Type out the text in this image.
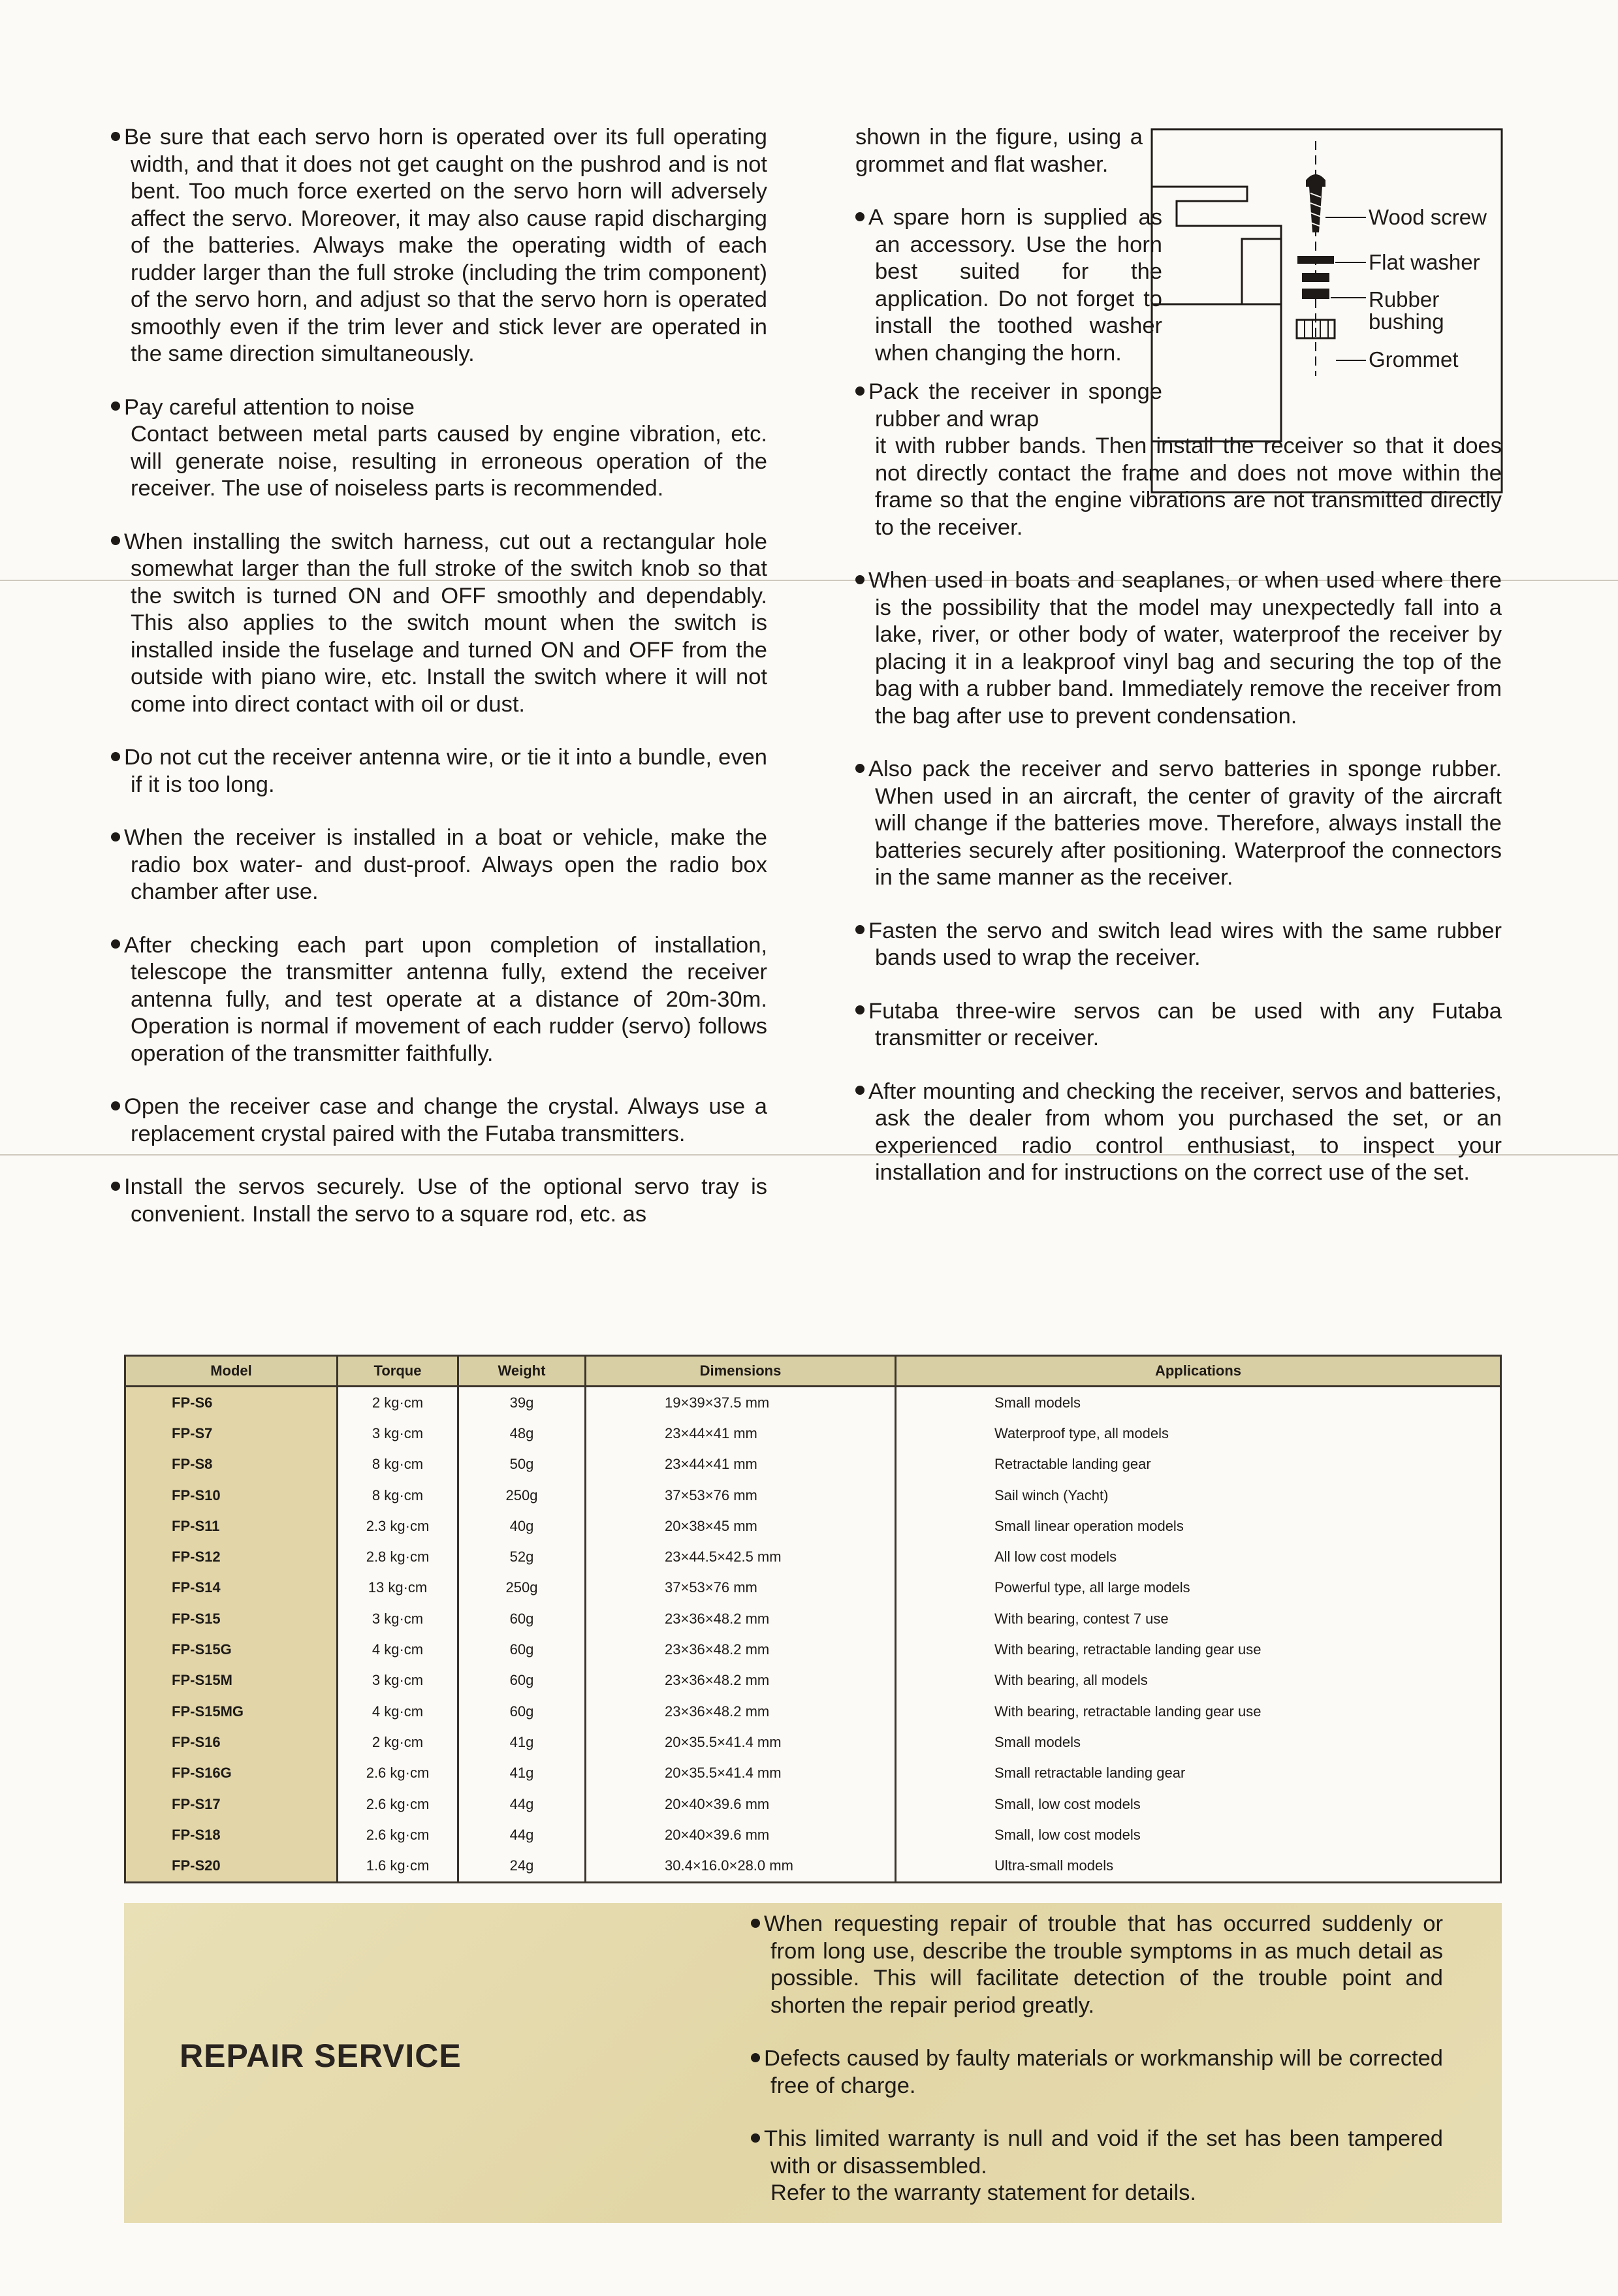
Be sure that each servo horn is operated over its full operating width, and that it does not get caught on the pushrod and is not bent. Too much force exerted on the servo horn will adversely affect the servo. Moreover, it may also cause rapid discharging of the batteries. Always make the operating width of each rudder larger than the full stroke (including the trim component) of the servo horn, and adjust so that the servo horn is operated smoothly even if the trim lever and stick lever are operated in the same direction simultaneously.

Pay careful attention to noise

Contact between metal parts caused by engine vibration, etc. will generate noise, resulting in erroneous operation of the receiver. The use of noiseless parts is recommended.

When installing the switch harness, cut out a rectangular hole somewhat larger than the full stroke of the switch knob so that the switch is turned ON and OFF smoothly and dependably. This also applies to the switch mount when the switch is installed inside the fuselage and turned ON and OFF from the outside with piano wire, etc. Install the switch where it will not come into direct contact with oil or dust.

Do not cut the receiver antenna wire, or tie it into a bundle, even if it is too long.

When the receiver is installed in a boat or vehicle, make the radio box water- and dust-proof. Always open the radio box chamber after use.

After checking each part upon completion of installation, telescope the transmitter antenna fully, extend the receiver antenna fully, and test operate at a distance of 20m-30m. Operation is normal if movement of each rudder (servo) follows operation of the transmitter faithfully.

Open the receiver case and change the crystal. Always use a replacement crystal paired with the Futaba transmitters.

Install the servos securely. Use of the optional servo tray is convenient. Install the servo to a square rod, etc. as

shown in the figure, using a grommet and flat washer.

A spare horn is supplied as an accessory. Use the horn best suited for the application. Do not forget to install the toothed washer when changing the horn.

Pack the receiver in sponge rubber and wrap

it with rubber bands. Then install the receiver so that it does not directly contact the frame and does not move within the frame so that the engine vibrations are not transmitted directly to the receiver.

When used in boats and seaplanes, or when used where there is the possibility that the model may unexpectedly fall into a lake, river, or other body of water, waterproof the receiver by placing it in a leakproof vinyl bag and securing the top of the bag with a rubber band. Immediately remove the receiver from the bag after use to prevent condensation.

Also pack the receiver and servo batteries in sponge rubber. When used in an aircraft, the center of gravity of the aircraft will change if the batteries move. Therefore, always install the batteries securely after positioning. Waterproof the connectors in the same manner as the receiver.

Fasten the servo and switch lead wires with the same rubber bands used to wrap the receiver.

Futaba three-wire servos can be used with any Futaba transmitter or receiver.

After mounting and checking the receiver, servos and batteries, ask the dealer from whom you purchased the set, or an experienced radio control enthusiast, to inspect your installation and for instructions on the correct use of the set.

Wood screw
Flat washer
Rubber
bushing
Grommet
Model	Torque	Weight	Dimensions	Applications
FP-S6	2 kg·cm	39g	19×39×37.5 mm	Small models
FP-S7	3 kg·cm	48g	23×44×41 mm	Waterproof type, all models
FP-S8	8 kg·cm	50g	23×44×41 mm	Retractable landing gear
FP-S10	8 kg·cm	250g	37×53×76 mm	Sail winch (Yacht)
FP-S11	2.3 kg·cm	40g	20×38×45 mm	Small linear operation models
FP-S12	2.8 kg·cm	52g	23×44.5×42.5 mm	All low cost models
FP-S14	13 kg·cm	250g	37×53×76 mm	Powerful type, all large models
FP-S15	3 kg·cm	60g	23×36×48.2 mm	With bearing, contest 7 use
FP-S15G	4 kg·cm	60g	23×36×48.2 mm	With bearing, retractable landing gear use
FP-S15M	3 kg·cm	60g	23×36×48.2 mm	With bearing, all models
FP-S15MG	4 kg·cm	60g	23×36×48.2 mm	With bearing, retractable landing gear use
FP-S16	2 kg·cm	41g	20×35.5×41.4 mm	Small models
FP-S16G	2.6 kg·cm	41g	20×35.5×41.4 mm	Small retractable landing gear
FP-S17	2.6 kg·cm	44g	20×40×39.6 mm	Small, low cost models
FP-S18	2.6 kg·cm	44g	20×40×39.6 mm	Small, low cost models
FP-S20	1.6 kg·cm	24g	30.4×16.0×28.0 mm	Ultra-small models
REPAIR SERVICE

When requesting repair of trouble that has occurred suddenly or from long use, describe the trouble symptoms in as much detail as possible. This will facilitate detection of the trouble point and shorten the repair period greatly.

Defects caused by faulty materials or workmanship will be corrected free of charge.

This limited warranty is null and void if the set has been tampered with or disassembled.

Refer to the warranty statement for details.
